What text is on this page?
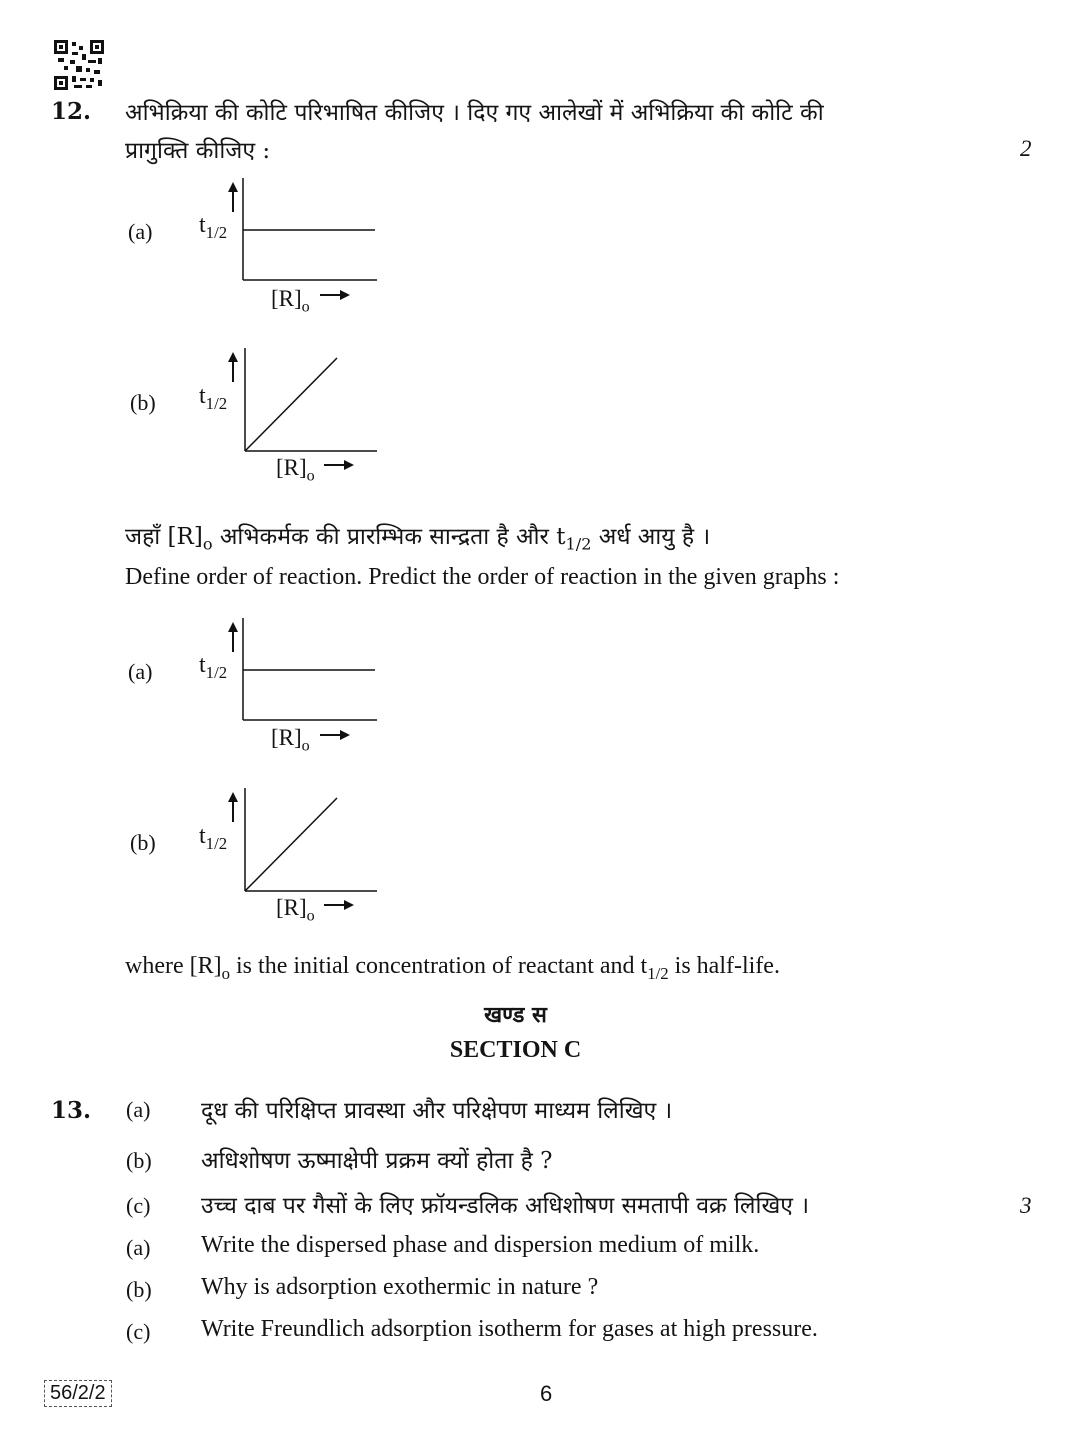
12. अभिक्रिया की कोटि परिभाषित कीजिए । दिए गए आलेखों में अभिक्रिया की कोटि की
प्रागुक्ति कीजिए :	2
(a) $t_{1/2}$
$[R]_o$
(b) $t_{1/2}$
$[R]_o$
जहाँ $[R]_o$ अभिकर्मक की प्रारम्भिक सान्द्रता है और $t_{1/2}$ अर्ध आयु है ।
Define order of reaction. Predict the order of reaction in the given graphs :
(a) $t_{1/2}$
$[R]_o$
(b) $t_{1/2}$
$[R]_o$
where $[R]_o$ is the initial concentration of reactant and $t_{1/2}$ is half-life.
खण्ड स
SECTION C
13. (a) दूध की परिक्षिप्त प्रावस्था और परिक्षेपण माध्यम लिखिए ।
(b) अधिशोषण ऊष्माक्षेपी प्रक्रम क्यों होता है ?
(c) उच्च दाब पर गैसों के लिए फ्रॉयन्डलिक अधिशोषण समतापी वक्र लिखिए ।	3
(a) Write the dispersed phase and dispersion medium of milk.
(b) Why is adsorption exothermic in nature ?
(c) Write Freundlich adsorption isotherm for gases at high pressure.
56/2/2	6
